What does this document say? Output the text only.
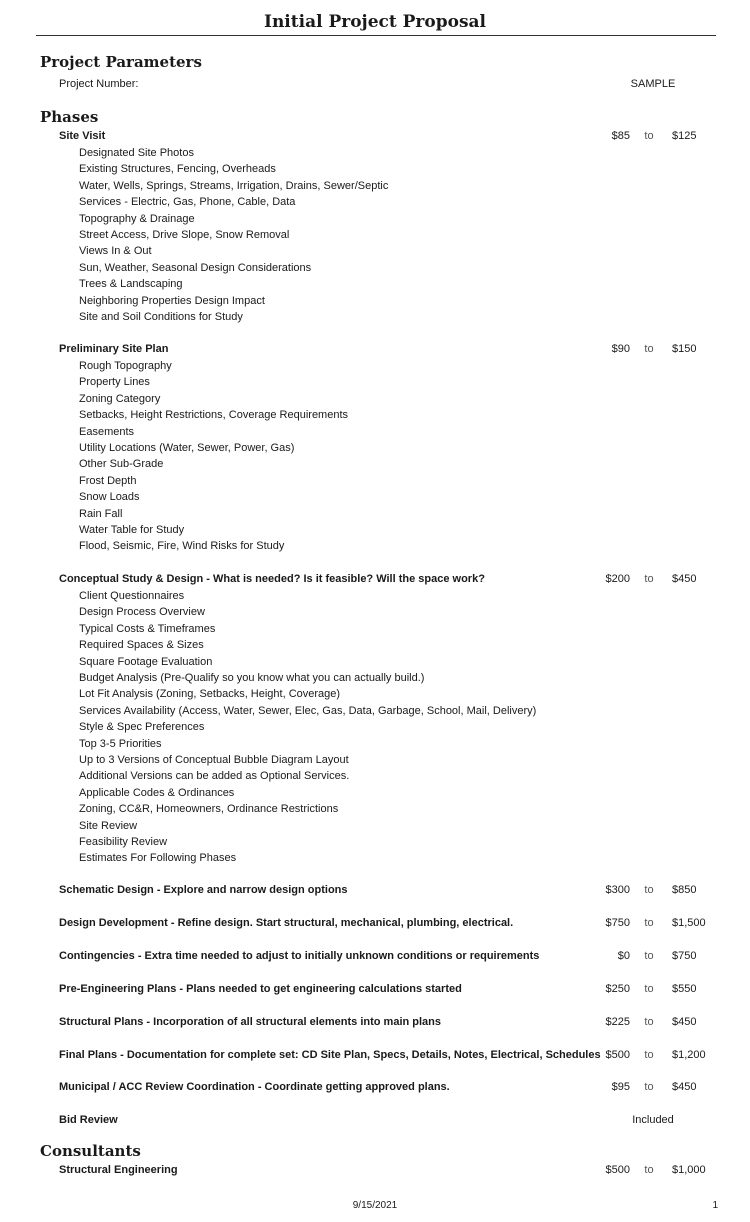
Initial Project Proposal
Project Parameters
Project Number:	SAMPLE
Phases
Site Visit	$85	to	$125
Designated Site Photos
Existing Structures, Fencing, Overheads
Water, Wells, Springs, Streams, Irrigation, Drains, Sewer/Septic
Services - Electric, Gas, Phone, Cable, Data
Topography & Drainage
Street Access, Drive Slope, Snow Removal
Views In & Out
Sun, Weather, Seasonal Design Considerations
Trees & Landscaping
Neighboring Properties Design Impact
Site and Soil Conditions for Study
Preliminary Site Plan	$90	to	$150
Rough Topography
Property Lines
Zoning Category
Setbacks, Height Restrictions, Coverage Requirements
Easements
Utility Locations (Water, Sewer, Power, Gas)
Other Sub-Grade
Frost Depth
Snow Loads
Rain Fall
Water Table for Study
Flood, Seismic, Fire, Wind Risks for Study
Conceptual Study & Design - What is needed? Is it feasible? Will the space work?	$200	to	$450
Client Questionnaires
Design Process Overview
Typical Costs & Timeframes
Required Spaces & Sizes
Square Footage Evaluation
Budget Analysis (Pre-Qualify so you know what you can actually build.)
Lot Fit Analysis (Zoning, Setbacks, Height, Coverage)
Services Availability (Access, Water, Sewer, Elec, Gas, Data, Garbage, School, Mail, Delivery)
Style & Spec Preferences
Top 3-5 Priorities
Up to 3 Versions of Conceptual Bubble Diagram Layout
Additional Versions can be added as Optional Services.
Applicable Codes & Ordinances
Zoning, CC&R, Homeowners, Ordinance Restrictions
Site Review
Feasibility Review
Estimates For Following Phases
Schematic Design - Explore and narrow design options	$300	to	$850
Design Development - Refine design. Start structural, mechanical, plumbing, electrical.	$750	to	$1,500
Contingencies - Extra time needed to adjust to initially unknown conditions or requirements	$0	to	$750
Pre-Engineering Plans - Plans needed to get engineering calculations started	$250	to	$550
Structural Plans - Incorporation of all structural elements into main plans	$225	to	$450
Final Plans - Documentation for complete set: CD Site Plan, Specs, Details, Notes, Electrical, Schedules $500	to	$1,200
Municipal / ACC Review Coordination - Coordinate getting approved plans.	$95	to	$450
Bid Review	Included
Consultants
Structural Engineering	$500	to	$1,000
9/15/2021	1
